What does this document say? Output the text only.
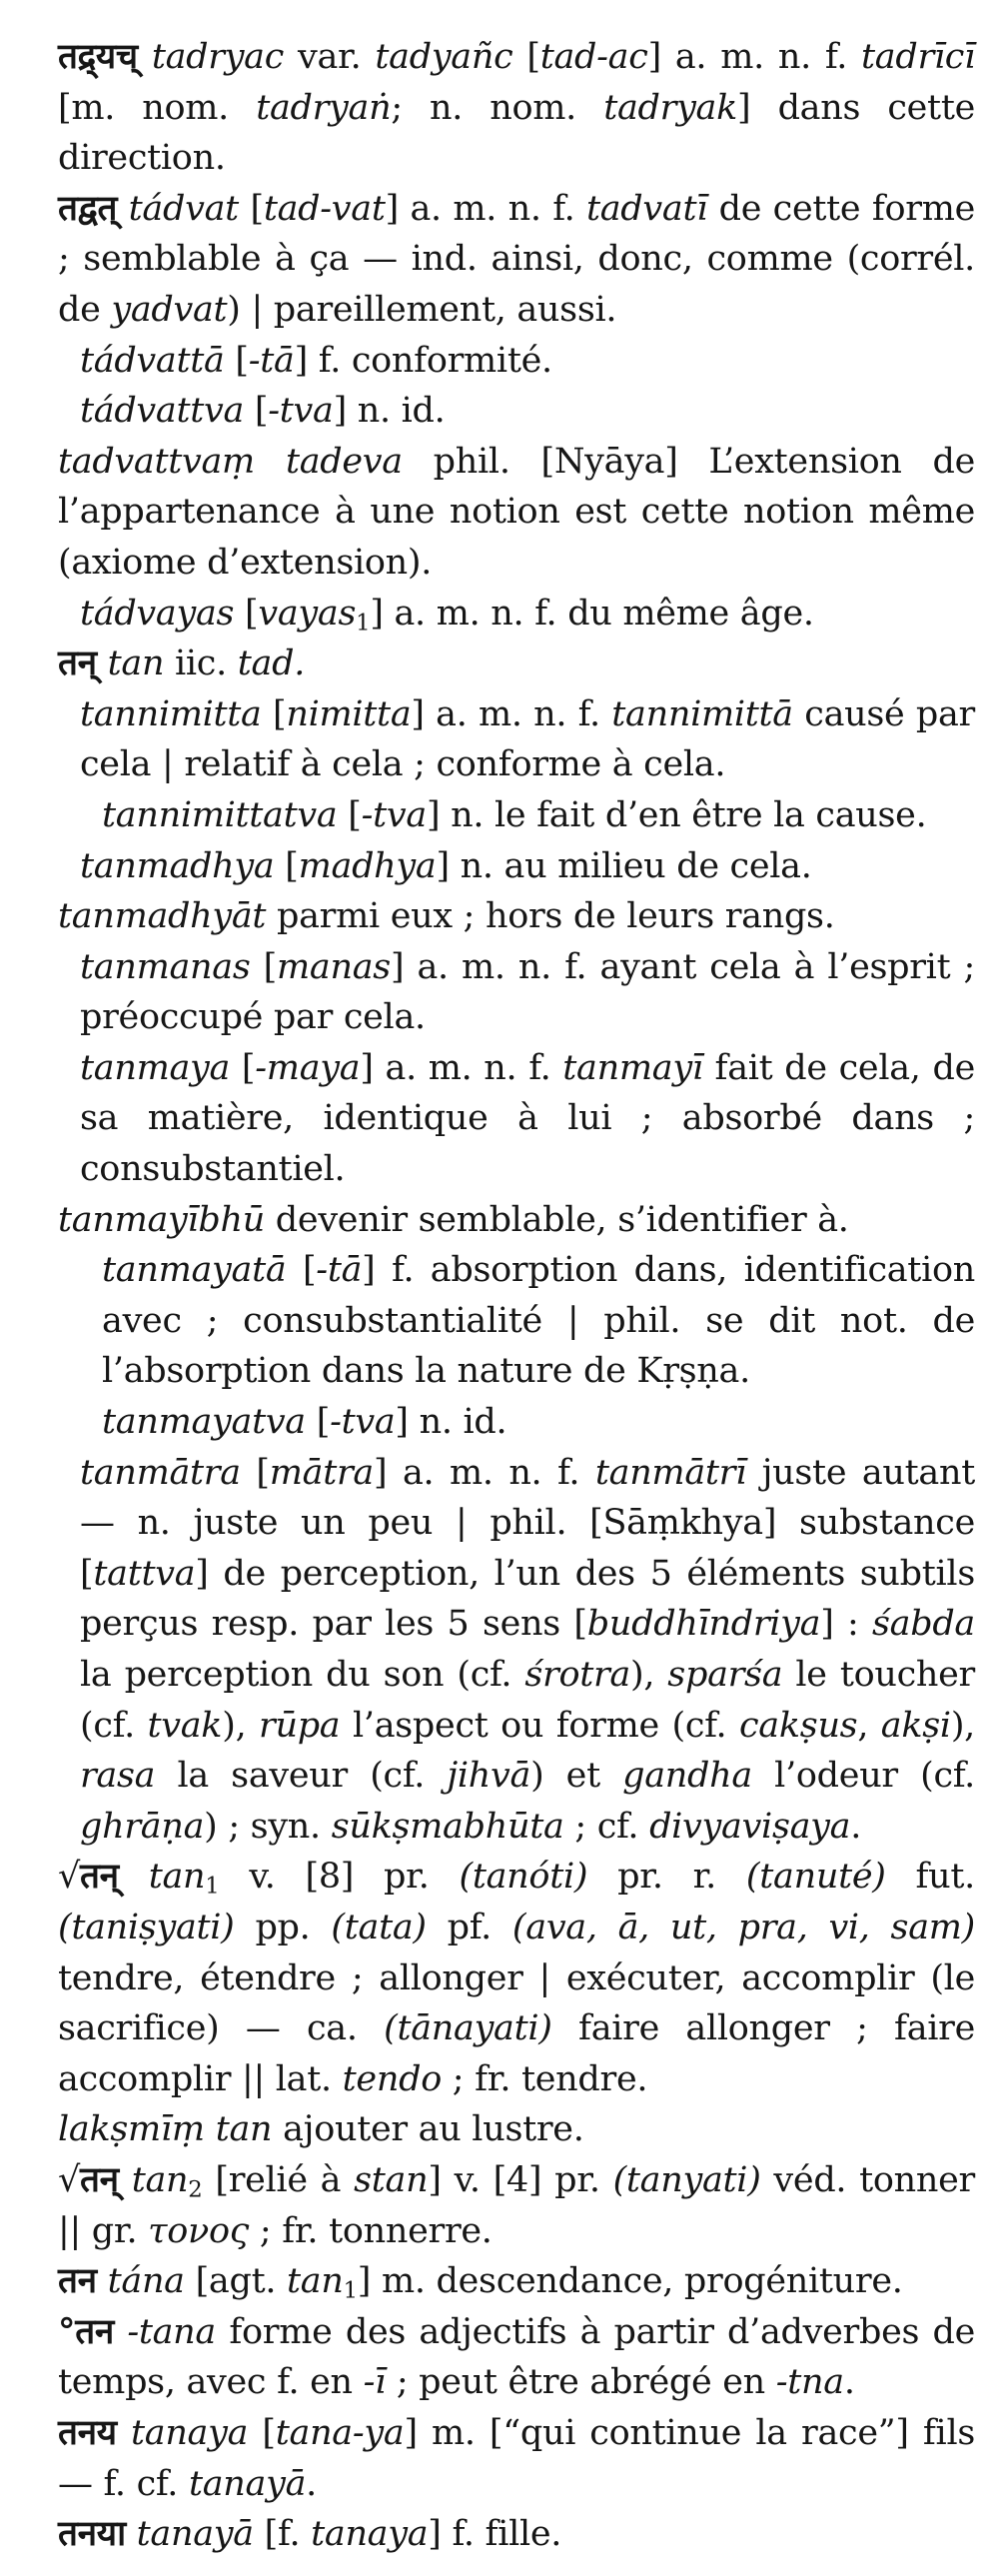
तद्र्यच् tadryac var. tadyañc [tad-ac] a. m. n. f. tadrīcī [m. nom. tadryaṅ; n. nom. tadryak] dans cette direction.

तद्वत् tádvat [tad-vat] a. m. n. f. tadvatī de cette forme ; semblable à ça — ind. ainsi, donc, comme (corrél. de yadvat) | pareillement, aussi.

tádvattā [-tā] f. conformité.

tádvattva [-tva] n. id.

tadvattvaṃ tadeva phil. [Nyāya] L’extension de l’appartenance à une notion est cette notion même (axiome d’extension).

tádvayas [vayas$_1$] a. m. n. f. du même âge.

तन् tan iic. tad.

tannimitta [nimitta] a. m. n. f. tannimittā causé par cela | relatif à cela ; conforme à cela.

tannimittatva [-tva] n. le fait d’en être la cause.

tanmadhya [madhya] n. au milieu de cela.

tanmadhyāt parmi eux ; hors de leurs rangs.

tanmanas [manas] a. m. n. f. ayant cela à l’esprit ; préoccupé par cela.

tanmaya [-maya] a. m. n. f. tanmayī fait de cela, de sa matière, identique à lui ; absorbé dans ; consubstantiel.

tanmayībhū devenir semblable, s’identifier à.

tanmayatā [-tā] f. absorption dans, identification avec ; consubstantialité | phil. se dit not. de l’absorption dans la nature de Kṛṣṇa.

tanmayatva [-tva] n. id.

tanmātra [mātra] a. m. n. f. tanmātrī juste autant — n. juste un peu | phil. [Sāṃkhya] substance [tattva] de perception, l’un des 5 éléments subtils perçus resp. par les 5 sens [buddhīndriya] : śabda la perception du son (cf. śrotra), sparśa le toucher (cf. tvak), rūpa l’aspect ou forme (cf. cakṣus, akṣi), rasa la saveur (cf. jihvā) et gandha l’odeur (cf. ghrāṇa) ; syn. sūkṣmabhūta ; cf. divyaviṣaya.

√तन् $\tan_1 v$. [8] pr. (tanóti) pr. r. (tanuté) fut. (taniṣyati) pp. (tata) pf. (ava, ā, ut, pra, vi, sam) tendre, étendre ; allonger | exécuter, accomplir (le sacrifice) — ca. (tānayati) faire allonger ; faire accomplir || lat. tendo ; fr. tendre.

lakṣmīṃ tan ajouter au lustre.

√तन् $\tan_2$ [relié à stan] v. [4] pr. (tanyati) véd. tonner || gr. τονος ; fr. tonnerre.

तन tána [agt. $\tan_1$] m. descendance, progéniture.

°तन -tana forme des adjectifs à partir d’adverbes de temps, avec f. en -ī ; peut être abrégé en -tna.

तनय tanaya [tana-ya] m. [“qui continue la race”] fils — f. cf. tanayā.

तनया tanayā [f. tanaya] f. fille.
